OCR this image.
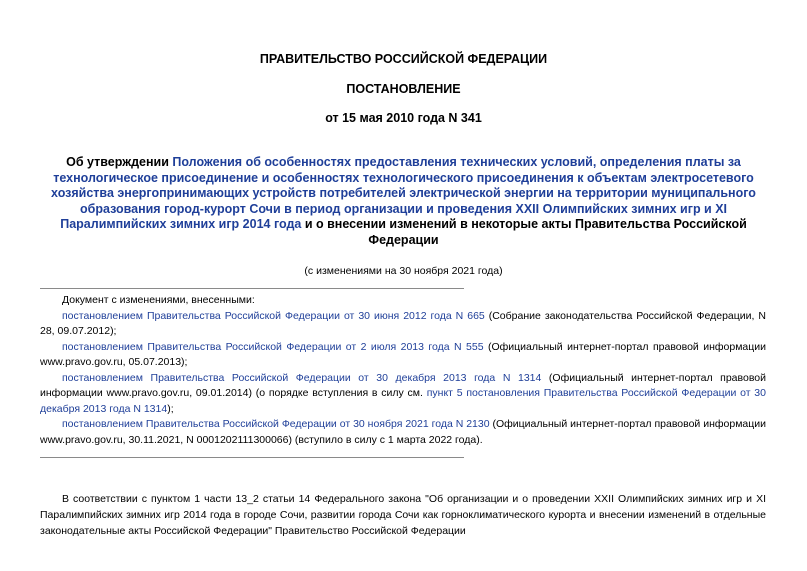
ПРАВИТЕЛЬСТВО РОССИЙСКОЙ ФЕДЕРАЦИИ

ПОСТАНОВЛЕНИЕ

от 15 мая 2010 года N 341

Об утверждении Положения об особенностях предоставления технических условий, определения платы за технологическое присоединение и особенностях технологического присоединения к объектам электросетевого хозяйства энергопринимающих устройств потребителей электрической энергии на территории муниципального образования город-курорт Сочи в период организации и проведения XXII Олимпийских зимних игр и XI Паралимпийских зимних игр 2014 года и о внесении изменений в некоторые акты Правительства Российской Федерации

(с изменениями на 30 ноября 2021 года)

Документ с изменениями, внесенными:

постановлением Правительства Российской Федерации от 30 июня 2012 года N 665 (Собрание законодательства Российской Федерации, N 28, 09.07.2012);

постановлением Правительства Российской Федерации от 2 июля 2013 года N 555 (Официальный интернет-портал правовой информации www.pravo.gov.ru, 05.07.2013);

постановлением Правительства Российской Федерации от 30 декабря 2013 года N 1314 (Официальный интернет-портал правовой информации www.pravo.gov.ru, 09.01.2014) (о порядке вступления в силу см. пункт 5 постановления Правительства Российской Федерации от 30 декабря 2013 года N 1314);

постановлением Правительства Российской Федерации от 30 ноября 2021 года N 2130 (Официальный интернет-портал правовой информации www.pravo.gov.ru, 30.11.2021, N 0001202111300066) (вступило в силу с 1 марта 2022 года).

В соответствии с пунктом 1 части 13_2 статьи 14 Федерального закона "Об организации и о проведении XXII Олимпийских зимних игр и XI Паралимпийских зимних игр 2014 года в городе Сочи, развитии города Сочи как горноклиматического курорта и внесении изменений в отдельные законодательные акты Российской Федерации" Правительство Российской Федерации
